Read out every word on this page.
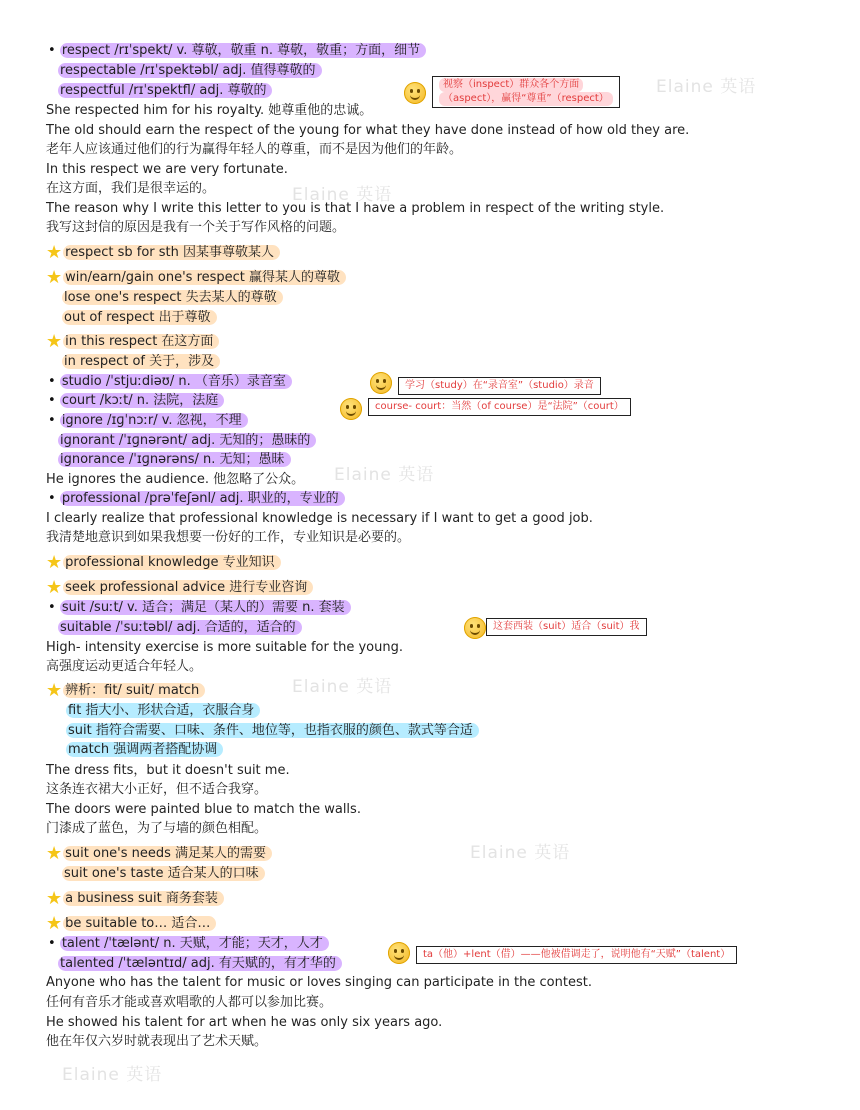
Elaine 英语
Elaine 英语
Elaine 英语
Elaine 英语
Elaine 英语
Elaine 英语
• respect /rɪˈspekt/ v. 尊敬，敬重 n. 尊敬，敬重；方面，细节
respectable /rɪˈspektəbl/ adj. 值得尊敬的
respectful /rɪˈspektfl/ adj. 尊敬的	视察（inspect）群众各个方面
（aspect），赢得“尊重”（respect）
She respected him for his royalty. 她尊重他的忠诚。
The old should earn the respect of the young for what they have done instead of how old they are.
老年人应该通过他们的行为赢得年轻人的尊重，而不是因为他们的年龄。
In this respect we are very fortunate.
在这方面，我们是很幸运的。
The reason why I write this letter to you is that I have a problem in respect of the writing style.
我写这封信的原因是我有一个关于写作风格的问题。
★ respect sb for sth 因某事尊敬某人
★ win/earn/gain one's respect 赢得某人的尊敬
lose one's respect 失去某人的尊敬
out of respect 出于尊敬
★ in this respect 在这方面
in respect of 关于，涉及
• studio /ˈstjuːdiəʊ/ n. （音乐）录音室	学习（study）在“录音室”（studio）录音
• court /kɔːt/ n. 法院，法庭	course- court：当然（of course）是“法院”（court）
• ignore /ɪɡˈnɔːr/ v. 忽视，不理
ignorant /ˈɪɡnərənt/ adj. 无知的；愚昧的
ignorance /ˈɪɡnərəns/ n. 无知；愚昧
He ignores the audience. 他忽略了公众。
• professional /prəˈfeʃənl/ adj. 职业的，专业的
I clearly realize that professional knowledge is necessary if I want to get a good job.
我清楚地意识到如果我想要一份好的工作，专业知识是必要的。
★ professional knowledge 专业知识
★ seek professional advice 进行专业咨询
• suit /suːt/ v. 适合；满足（某人的）需要 n. 套装
suitable /ˈsuːtəbl/ adj. 合适的，适合的	这套西装（suit）适合（suit）我
High- intensity exercise is more suitable for the young.
高强度运动更适合年轻人。
★ 辨析：fit/ suit/ match
fit 指大小、形状合适，衣服合身
suit 指符合需要、口味、条件、地位等，也指衣服的颜色、款式等合适
match 强调两者搭配协调
The dress fits，but it doesn't suit me.
这条连衣裙大小正好，但不适合我穿。
The doors were painted blue to match the walls.
门漆成了蓝色，为了与墙的颜色相配。
★ suit one's needs 满足某人的需要
suit one's taste 适合某人的口味
★ a business suit 商务套装
★ be suitable to… 适合…
• talent /ˈtælənt/ n. 天赋，才能；天才，人才
talented /ˈtæləntɪd/ adj. 有天赋的，有才华的
ta（他）+lent（借）——他被借调走了，说明他有“天赋”（talent）
Anyone who has the talent for music or loves singing can participate in the contest.
任何有音乐才能或喜欢唱歌的人都可以参加比赛。
He showed his talent for art when he was only six years ago.
他在年仅六岁时就表现出了艺术天赋。
